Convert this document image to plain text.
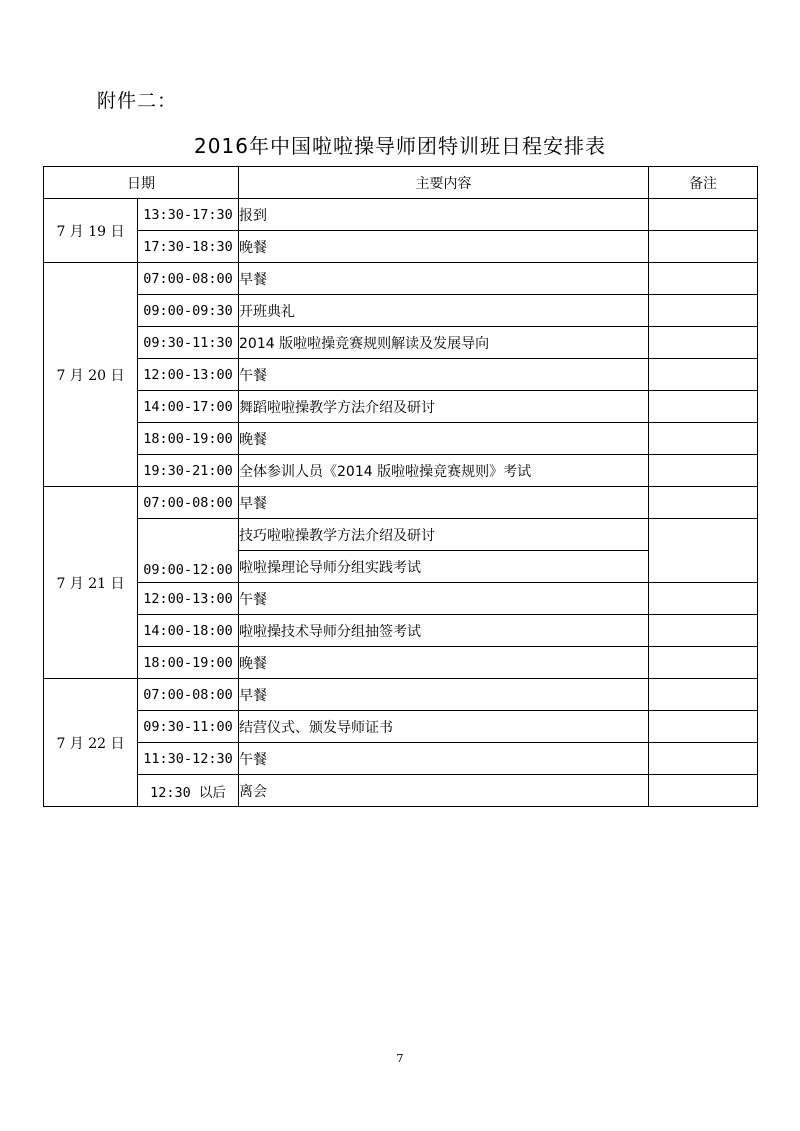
附件二：
2016年中国啦啦操导师团特训班日程安排表
日期		主要内容	备注
7 月 19 日	13:30-17:30	报到	
	17:30-18:30	晚餐	
7 月 20 日	07:00-08:00	早餐	
	09:00-09:30	开班典礼	
	09:30-11:30	2014 版啦啦操竞赛规则解读及发展导向	
	12:00-13:00	午餐	
	14:00-17:00	舞蹈啦啦操教学方法介绍及研讨	
	18:00-19:00	晚餐	
	19:30-21:00	全体参训人员《2014 版啦啦操竞赛规则》考试	
7 月 21 日	07:00-08:00	早餐	
	09:00-12:00	技巧啦啦操教学方法介绍及研讨	
		啦啦操理论导师分组实践考试	
	12:00-13:00	午餐	
	14:00-18:00	啦啦操技术导师分组抽签考试	
	18:00-19:00	晚餐	
7 月 22 日	07:00-08:00	早餐	
	09:30-11:00	结营仪式、颁发导师证书	
	11:30-12:30	午餐	
	12:30 以后	离会	
7
